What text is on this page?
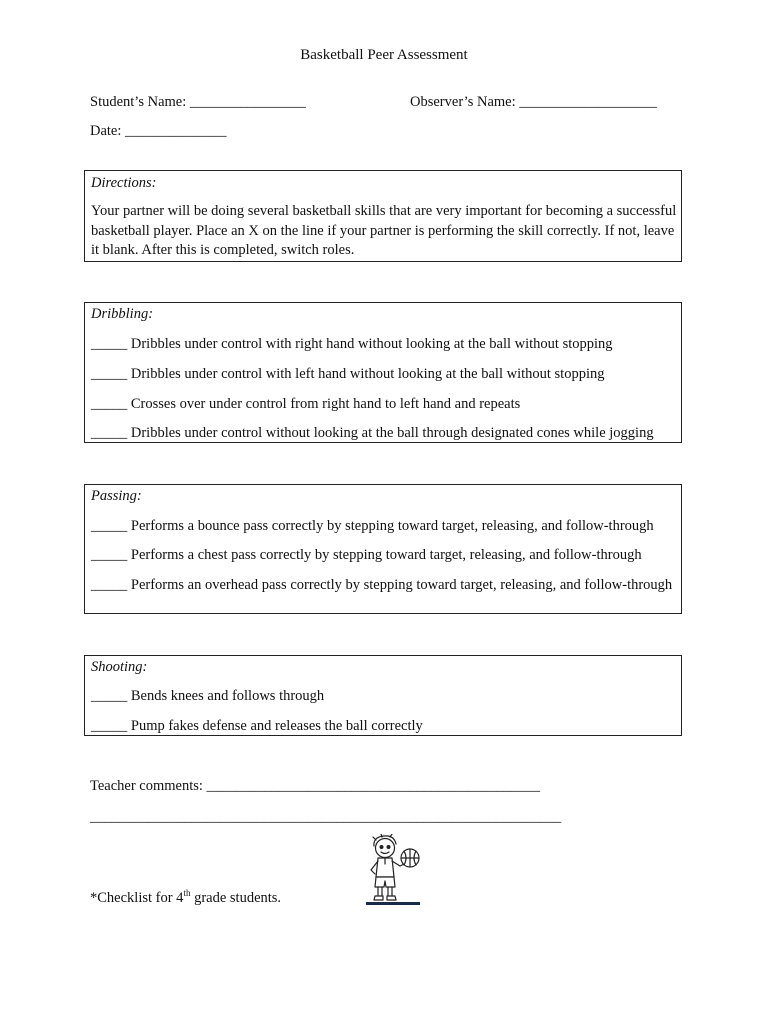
Basketball Peer Assessment
Student’s Name: ________________	Observer’s Name: ___________________
Date: ______________
Directions:
Your partner will be doing several basketball skills that are very important for becoming a successful basketball player. Place an X on the line if your partner is performing the skill correctly. If not, leave it blank. After this is completed, switch roles.
Dribbling:
_____ Dribbles under control with right hand without looking at the ball without stopping
_____ Dribbles under control with left hand without looking at the ball without stopping
_____ Crosses over under control from right hand to left hand and repeats
_____ Dribbles under control without looking at the ball through designated cones while jogging
Passing:
_____ Performs a bounce pass correctly by stepping toward target, releasing, and follow-through
_____ Performs a chest pass correctly by stepping toward target, releasing, and follow-through
_____ Performs an overhead pass correctly by stepping toward target, releasing, and follow-through
Shooting:
_____ Bends knees and follows through
_____ Pump fakes defense and releases the ball correctly
Teacher comments: ______________________________________________
_________________________________________________________________
*Checklist for 4th grade students.
